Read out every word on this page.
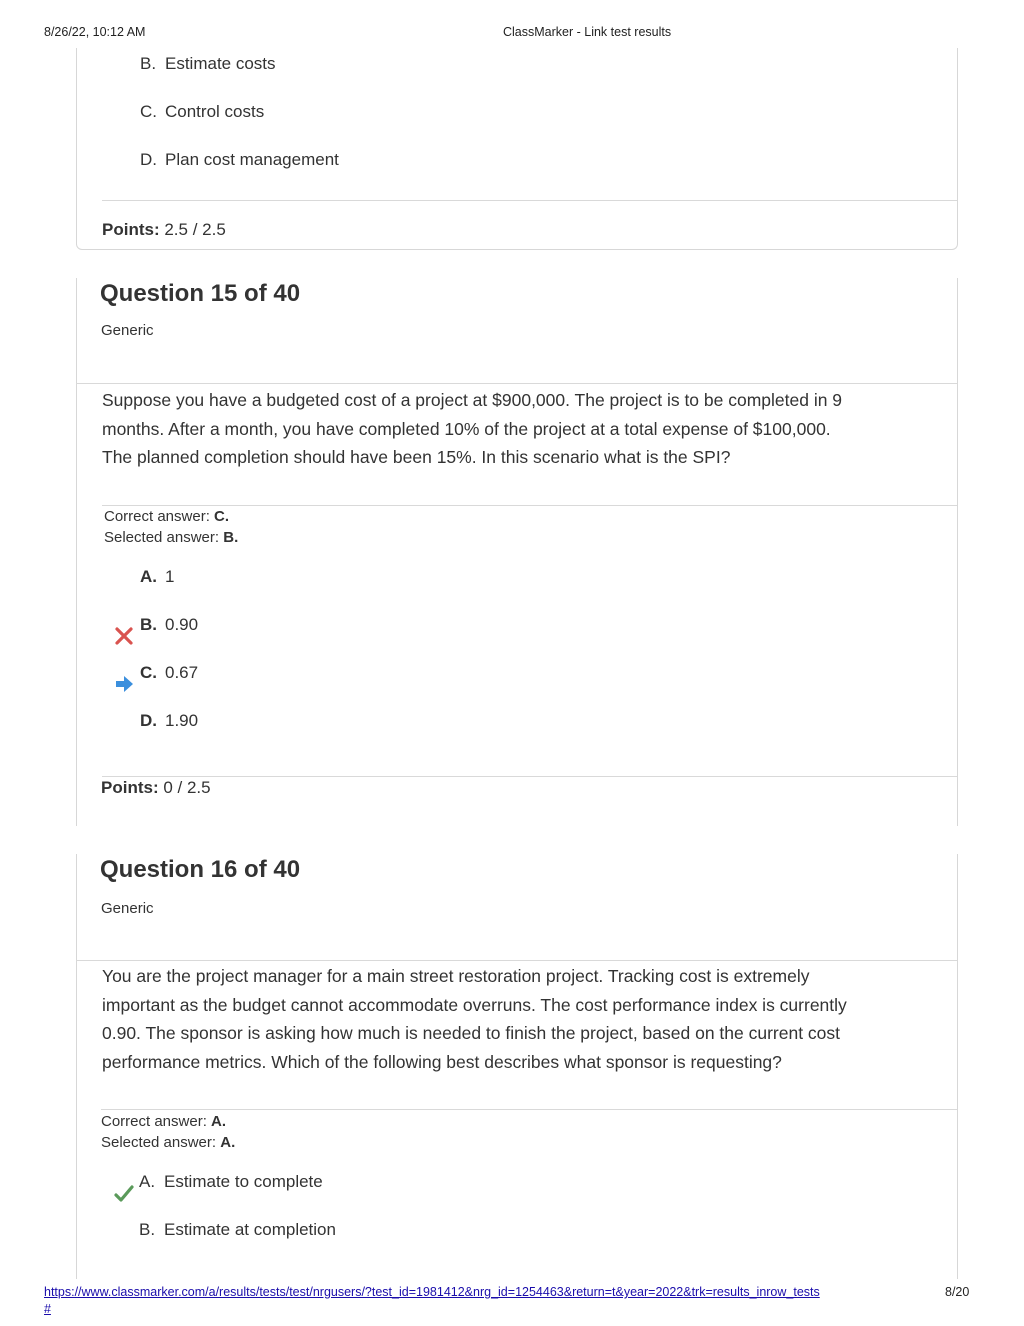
8/26/22, 10:12 AM	ClassMarker - Link test results
B. Estimate costs
C. Control costs
D. Plan cost management
Points: 2.5 / 2.5
Question 15 of 40
Generic
Suppose you have a budgeted cost of a project at $900,000. The project is to be completed in 9
months. After a month, you have completed 10% of the project at a total expense of $100,000.
The planned completion should have been 15%. In this scenario what is the SPI?
Correct answer: C.
Selected answer: B.
A. 1
B. 0.90
C. 0.67
D. 1.90
Points: 0 / 2.5
Question 16 of 40
Generic
You are the project manager for a main street restoration project. Tracking cost is extremely
important as the budget cannot accommodate overruns. The cost performance index is currently
0.90. The sponsor is asking how much is needed to finish the project, based on the current cost
performance metrics. Which of the following best describes what sponsor is requesting?
Correct answer: A.
Selected answer: A.
A. Estimate to complete
B. Estimate at completion
https://www.classmarker.com/a/results/tests/test/nrgusers/?test_id=1981412&nrg_id=1254463&return=t&year=2022&trk=results_inrow_tests
#
8/20
